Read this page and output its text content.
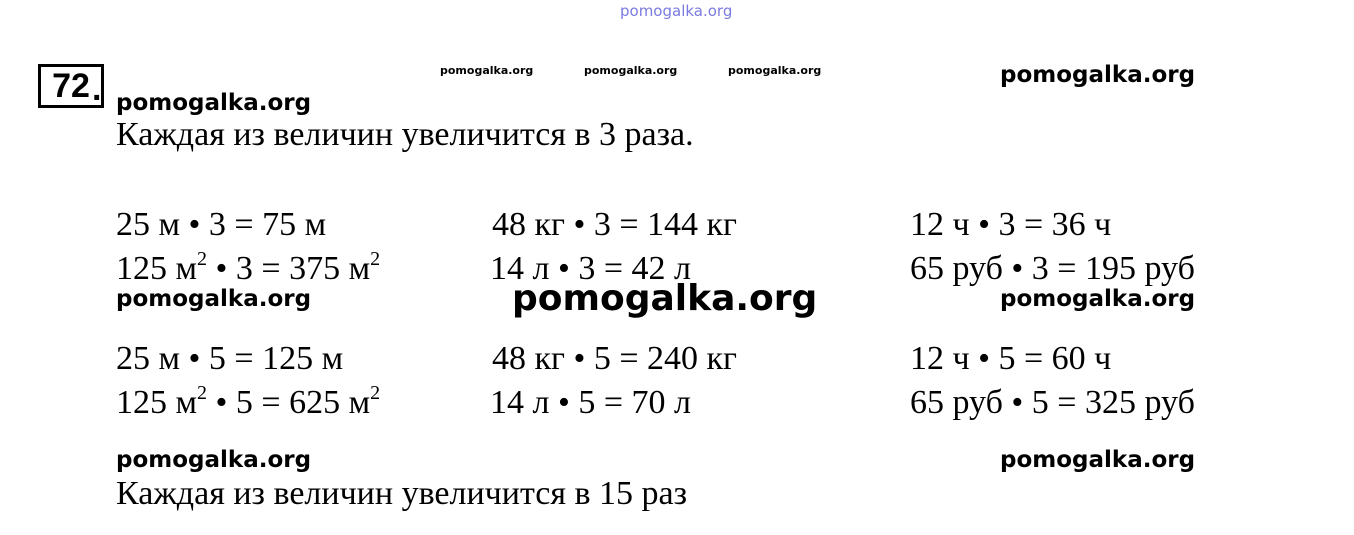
pomogalka.org
72 .	pomogalka.org	pomogalka.org	pomogalka.org	pomogalka.org
pomogalka.org
Каждая из величин увеличится в 3 раза.
25 м • 3 = 75 м	48 кг • 3 = 144 кг	12 ч • 3 = 36 ч
125 $м^2$ • 3 = 375 $м^2$	14 л • 3 = 42 л	65 руб • 3 = 195 руб
pomogalka.org	pomogalka.org	pomogalka.org
25 м • 5 = 125 м	48 кг • 5 = 240 кг	12 ч • 5 = 60 ч
125 $м^2$ • 5 = 625 $м^2$	14 л • 5 = 70 л	65 руб • 5 = 325 руб
pomogalka.org	pomogalka.org
Каждая из величин увеличится в 15 раз
